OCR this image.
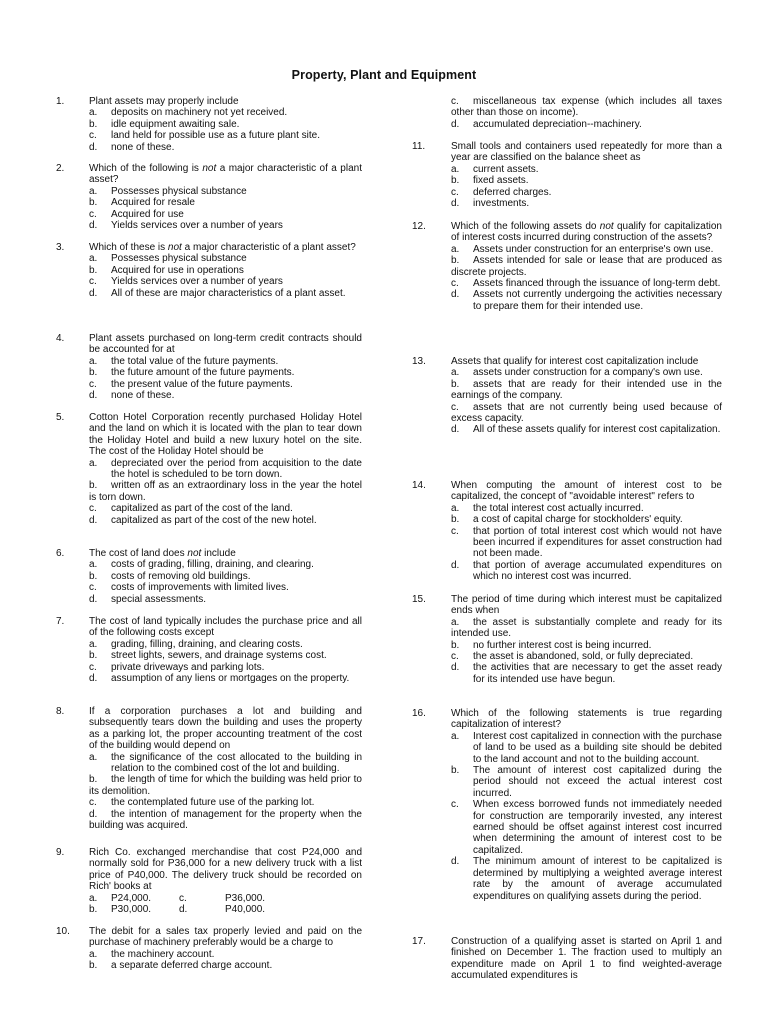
Property, Plant and Equipment
1. Plant assets may properly include
a. deposits on machinery not yet received.
b. idle equipment awaiting sale.
c. land held for possible use as a future plant site.
d. none of these.
2. Which of the following is not a major characteristic of a plant asset?
a. Possesses physical substance
b. Acquired for resale
c. Acquired for use
d. Yields services over a number of years
3. Which of these is not a major characteristic of a plant asset?
a. Possesses physical substance
b. Acquired for use in operations
c. Yields services over a number of years
d. All of these are major characteristics of a plant asset.
4. Plant assets purchased on long-term credit contracts should be accounted for at
a. the total value of the future payments.
b. the future amount of the future payments.
c. the present value of the future payments.
d. none of these.
5. Cotton Hotel Corporation recently purchased Holiday Hotel and the land on which it is located with the plan to tear down the Holiday Hotel and build a new luxury hotel on the site. The cost of the Holiday Hotel should be
a. depreciated over the period from acquisition to the date the hotel is scheduled to be torn down.
b. written off as an extraordinary loss in the year the hotel is torn down.
c. capitalized as part of the cost of the land.
d. capitalized as part of the cost of the new hotel.
6. The cost of land does not include
a. costs of grading, filling, draining, and clearing.
b. costs of removing old buildings.
c. costs of improvements with limited lives.
d. special assessments.
7. The cost of land typically includes the purchase price and all of the following costs except
a. grading, filling, draining, and clearing costs.
b. street lights, sewers, and drainage systems cost.
c. private driveways and parking lots.
d. assumption of any liens or mortgages on the property.
8. If a corporation purchases a lot and building and subsequently tears down the building and uses the property as a parking lot, the proper accounting treatment of the cost of the building would depend on
a. the significance of the cost allocated to the building in relation to the combined cost of the lot and building.
b. the length of time for which the building was held prior to its demolition.
c. the contemplated future use of the parking lot.
d. the intention of management for the property when the building was acquired.
9. Rich Co. exchanged merchandise that cost P24,000 and normally sold for P36,000 for a new delivery truck with a list price of P40,000. The delivery truck should be recorded on Rich' books at
a.	P24,000.	c.	P36,000.
b.	P30,000.	d.	P40,000.
10. The debit for a sales tax properly levied and paid on the purchase of machinery preferably would be a charge to
a. the machinery account.
b. a separate deferred charge account.
c. miscellaneous tax expense (which includes all taxes other than those on income).
d. accumulated depreciation--machinery.
11.	Small tools and containers used repeatedly for more than a year are classified on the balance sheet as
a. current assets.
b. fixed assets.
c. deferred charges.
d. investments.
12.	Which of the following assets do not qualify for capitalization of interest costs incurred during construction of the assets?
a. Assets under construction for an enterprise's own use.
b. Assets intended for sale or lease that are produced as discrete projects.
c. Assets financed through the issuance of long-term debt.
d. Assets not currently undergoing the activities necessary to prepare them for their intended use.
13.	Assets that qualify for interest cost capitalization include
a. assets under construction for a company's own use.
b. assets that are ready for their intended use in the earnings of the company.
c. assets that are not currently being used because of excess capacity.
d. All of these assets qualify for interest cost capitalization.
14.	When computing the amount of interest cost to be capitalized, the concept of "avoidable interest" refers to
a. the total interest cost actually incurred.
b. a cost of capital charge for stockholders' equity.
c. that portion of total interest cost which would not have been incurred if expenditures for asset construction had not been made.
d. that portion of average accumulated expenditures on which no interest cost was incurred.
15.	The period of time during which interest must be capitalized ends when
a. the asset is substantially complete and ready for its intended use.
b. no further interest cost is being incurred.
c. the asset is abandoned, sold, or fully depreciated.
d. the activities that are necessary to get the asset ready for its intended use have begun.
16.	Which of the following statements is true regarding capitalization of interest?
a. Interest cost capitalized in connection with the purchase of land to be used as a building site should be debited to the land account and not to the building account.
b. The amount of interest cost capitalized during the period should not exceed the actual interest cost incurred.
c. When excess borrowed funds not immediately needed for construction are temporarily invested, any interest earned should be offset against interest cost incurred when determining the amount of interest cost to be capitalized.
d. The minimum amount of interest to be capitalized is determined by multiplying a weighted average interest rate by the amount of average accumulated expenditures on qualifying assets during the period.
17.	Construction of a qualifying asset is started on April 1 and finished on December 1. The fraction used to multiply an expenditure made on April 1 to find weighted-average accumulated expenditures is
